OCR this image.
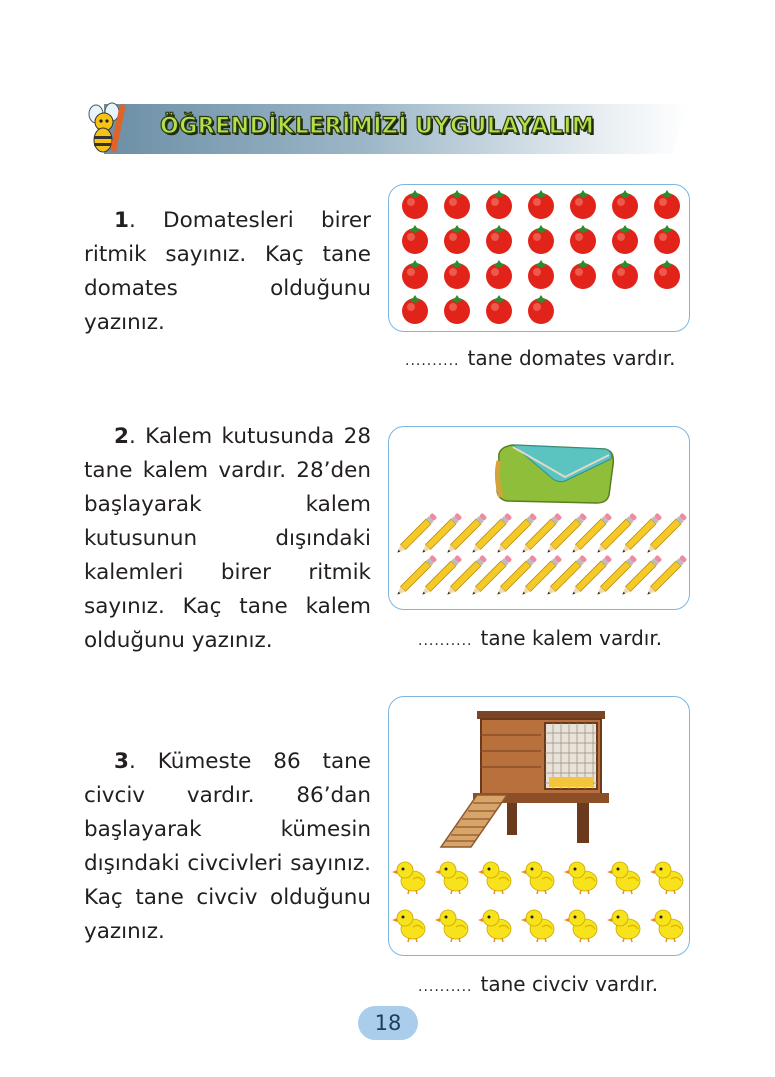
ÖĞRENDİKLERİMİZİ UYGULAYALIM
1. Domatesleri birer ritmik sayınız. Kaç tane domates olduğunu yazınız.
.......... tane domates vardır.
2. Kalem kutusunda 28 tane kalem vardır. 28’den başlayarak kalem kutusunun dışındaki kalemleri birer ritmik sayınız. Kaç tane kalem olduğunu yazınız.	.......... tane kalem vardır.
3. Kümeste 86 tane civciv vardır. 86’dan başlayarak kümesin dışındaki civcivleri sayınız. Kaç tane civciv olduğunu yazınız.
.......... tane civciv vardır.
18
